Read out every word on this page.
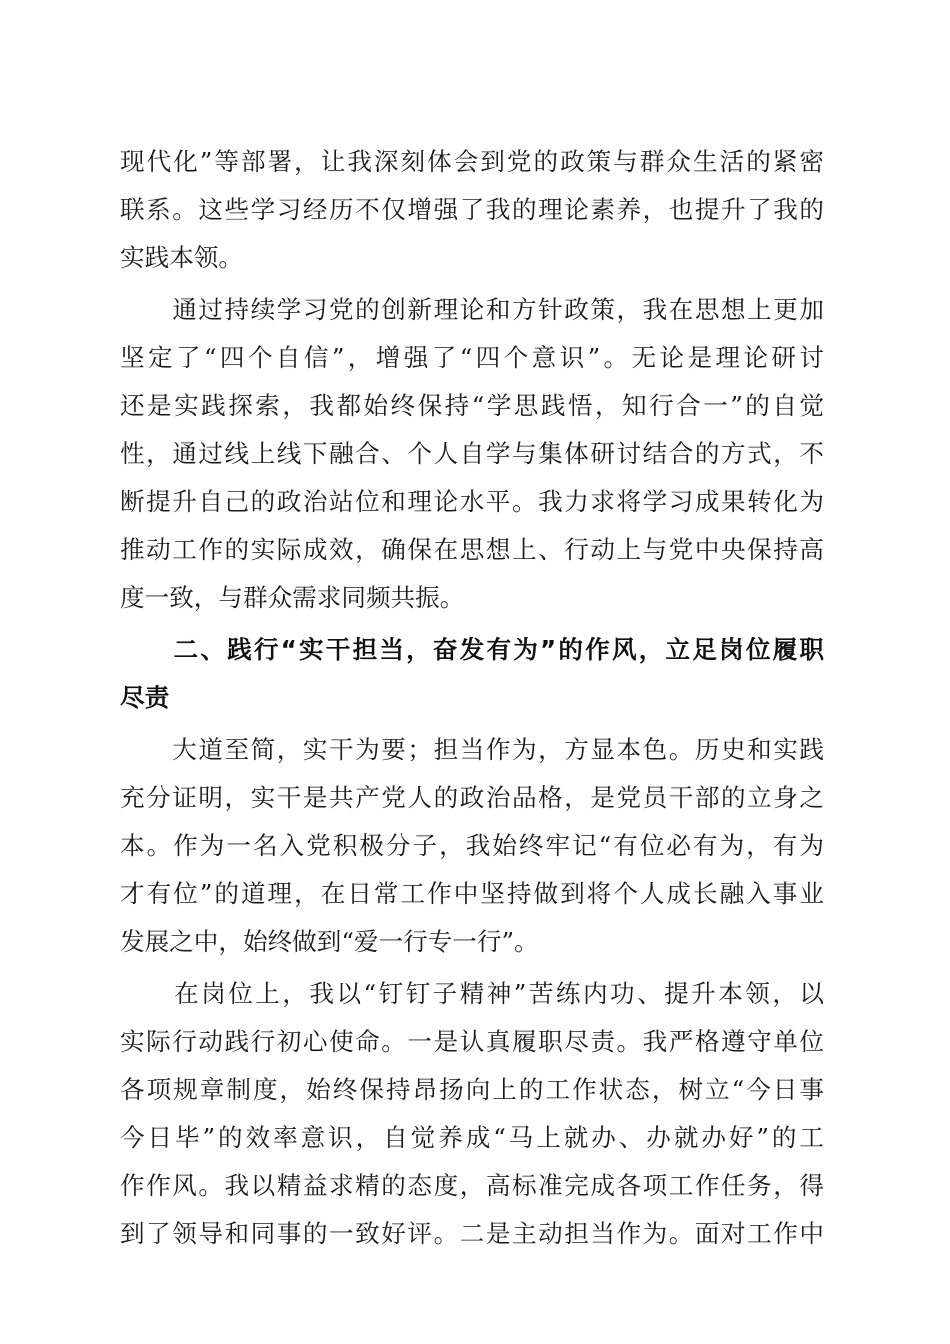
现代化”等部署，让我深刻体会到党的政策与群众生活的紧密
联系。这些学习经历不仅增强了我的理论素养，也提升了我的
实践本领。
　　通过持续学习党的创新理论和方针政策，我在思想上更加
坚定了“四个自信”，增强了“四个意识”。无论是理论研讨
还是实践探索，我都始终保持“学思践悟，知行合一”的自觉
性，通过线上线下融合、个人自学与集体研讨结合的方式，不
断提升自己的政治站位和理论水平。我力求将学习成果转化为
推动工作的实际成效，确保在思想上、行动上与党中央保持高
度一致，与群众需求同频共振。
　　二、践行“实干担当，奋发有为”的作风，立足岗位履职
尽责
　　大道至简，实干为要；担当作为，方显本色。历史和实践
充分证明，实干是共产党人的政治品格，是党员干部的立身之
本。作为一名入党积极分子，我始终牢记“有位必有为，有为
才有位”的道理，在日常工作中坚持做到将个人成长融入事业
发展之中，始终做到“爱一行专一行”。
　　在岗位上，我以“钉钉子精神”苦练内功、提升本领，以
实际行动践行初心使命。一是认真履职尽责。我严格遵守单位
各项规章制度，始终保持昂扬向上的工作状态，树立“今日事
今日毕”的效率意识，自觉养成“马上就办、办就办好”的工
作作风。我以精益求精的态度，高标准完成各项工作任务，得
到了领导和同事的一致好评。二是主动担当作为。面对工作中
